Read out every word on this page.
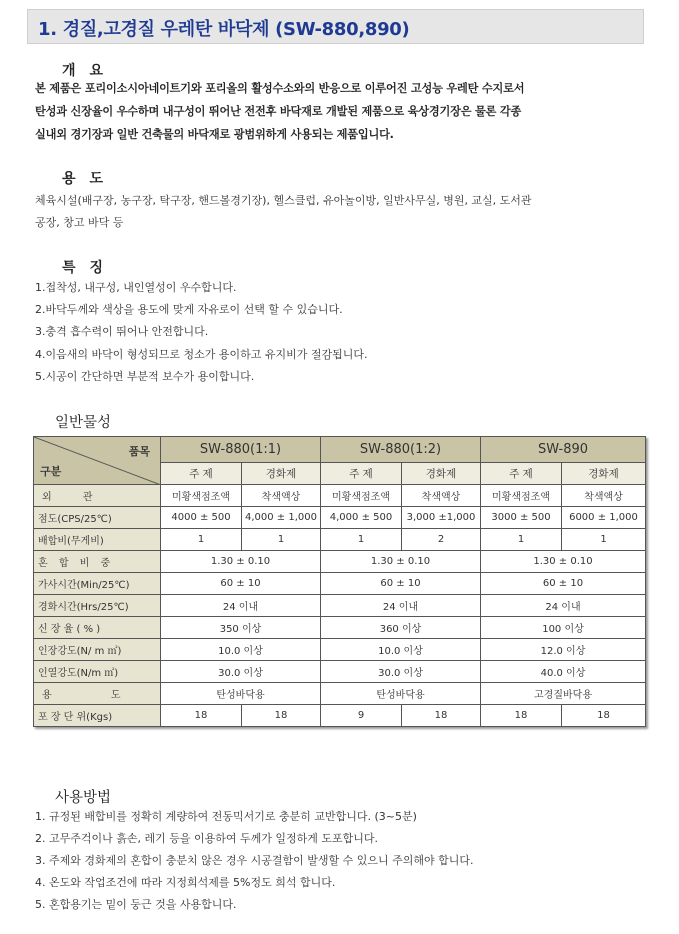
1. 경질,고경질 우레탄 바닥제 (SW-880,890)
개요
본 제품은 포리이소시아네이트기와 포리올의 활성수소와의 반응으로 이루어진 고성능 우레탄 수지로서
탄성과 신장율이 우수하며 내구성이 뛰어난 전전후 바닥재로 개발된 제품으로 육상경기장은 물론 각종
실내외 경기장과 일반 건축물의 바닥재로 광범위하게 사용되는 제품입니다.
용도
체육시설(배구장, 농구장, 탁구장, 핸드볼경기장), 헬스클럽, 유아놀이방, 일반사무실, 병원, 교실, 도서관
공장, 창고 바닥 등
특징
1.접착성, 내구성, 내인열성이 우수합니다.
2.바닥두께와 색상을 용도에 맞게 자유로이 선택 할 수 있습니다.
3.충격 흡수력이 뛰어나 안전합니다.
4.이음새의 바닥이 형성되므로 청소가 용이하고 유지비가 절감됩니다.
5.시공이 간단하면 부분적 보수가 용이합니다.
일반물성
품목
구분	SW-880(1:1)		SW-880(1:2)		SW-890	
	주 제	경화제	주 제	경화제	주 제	경화제
외 관	미황색점조액	착색액상	미황색점조액	착색액상	미황색점조액	착색액상
점도(CPS/25℃)	4000 ± 500	4,000 ± 1,000	4,000 ± 500	3,000 ±1,000	3000 ± 500	6000 ± 1,000
배합비(무게비)	1	1	1	2	1	1
혼 합 비 중	1.30 ± 0.10		1.30 ± 0.10		1.30 ± 0.10	
가사시간(Min/25℃)	60 ± 10		60 ± 10		60 ± 10	
경화시간(Hrs/25℃)	24 이내		24 이내		24 이내	
신 장 율 ( % )	350 이상		360 이상		100 이상	
인장강도(N/ m ㎡)	10.0 이상		10.0 이상		12.0 이상	
인열강도(N/m ㎡)	30.0 이상		30.0 이상		40.0 이상	
용 도	탄성바닥용		탄성바닥용		고경질바닥용	
포 장 단 위(Kgs)	18	18	9	18	18	18
사용방법
1. 규정된 배합비를 정확히 계량하여 전동믹서기로 충분히 교반합니다. (3~5분)
2. 고무주걱이나 흙손, 레기 등을 이용하여 두께가 일정하게 도포합니다.
3. 주제와 경화제의 혼합이 충분치 않은 경우 시공결함이 발생할 수 있으니 주의해야 합니다.
4. 온도와 작업조건에 따라 지정희석제를 5%정도 희석 합니다.
5. 혼합용기는 밑이 둥근 것을 사용합니다.
